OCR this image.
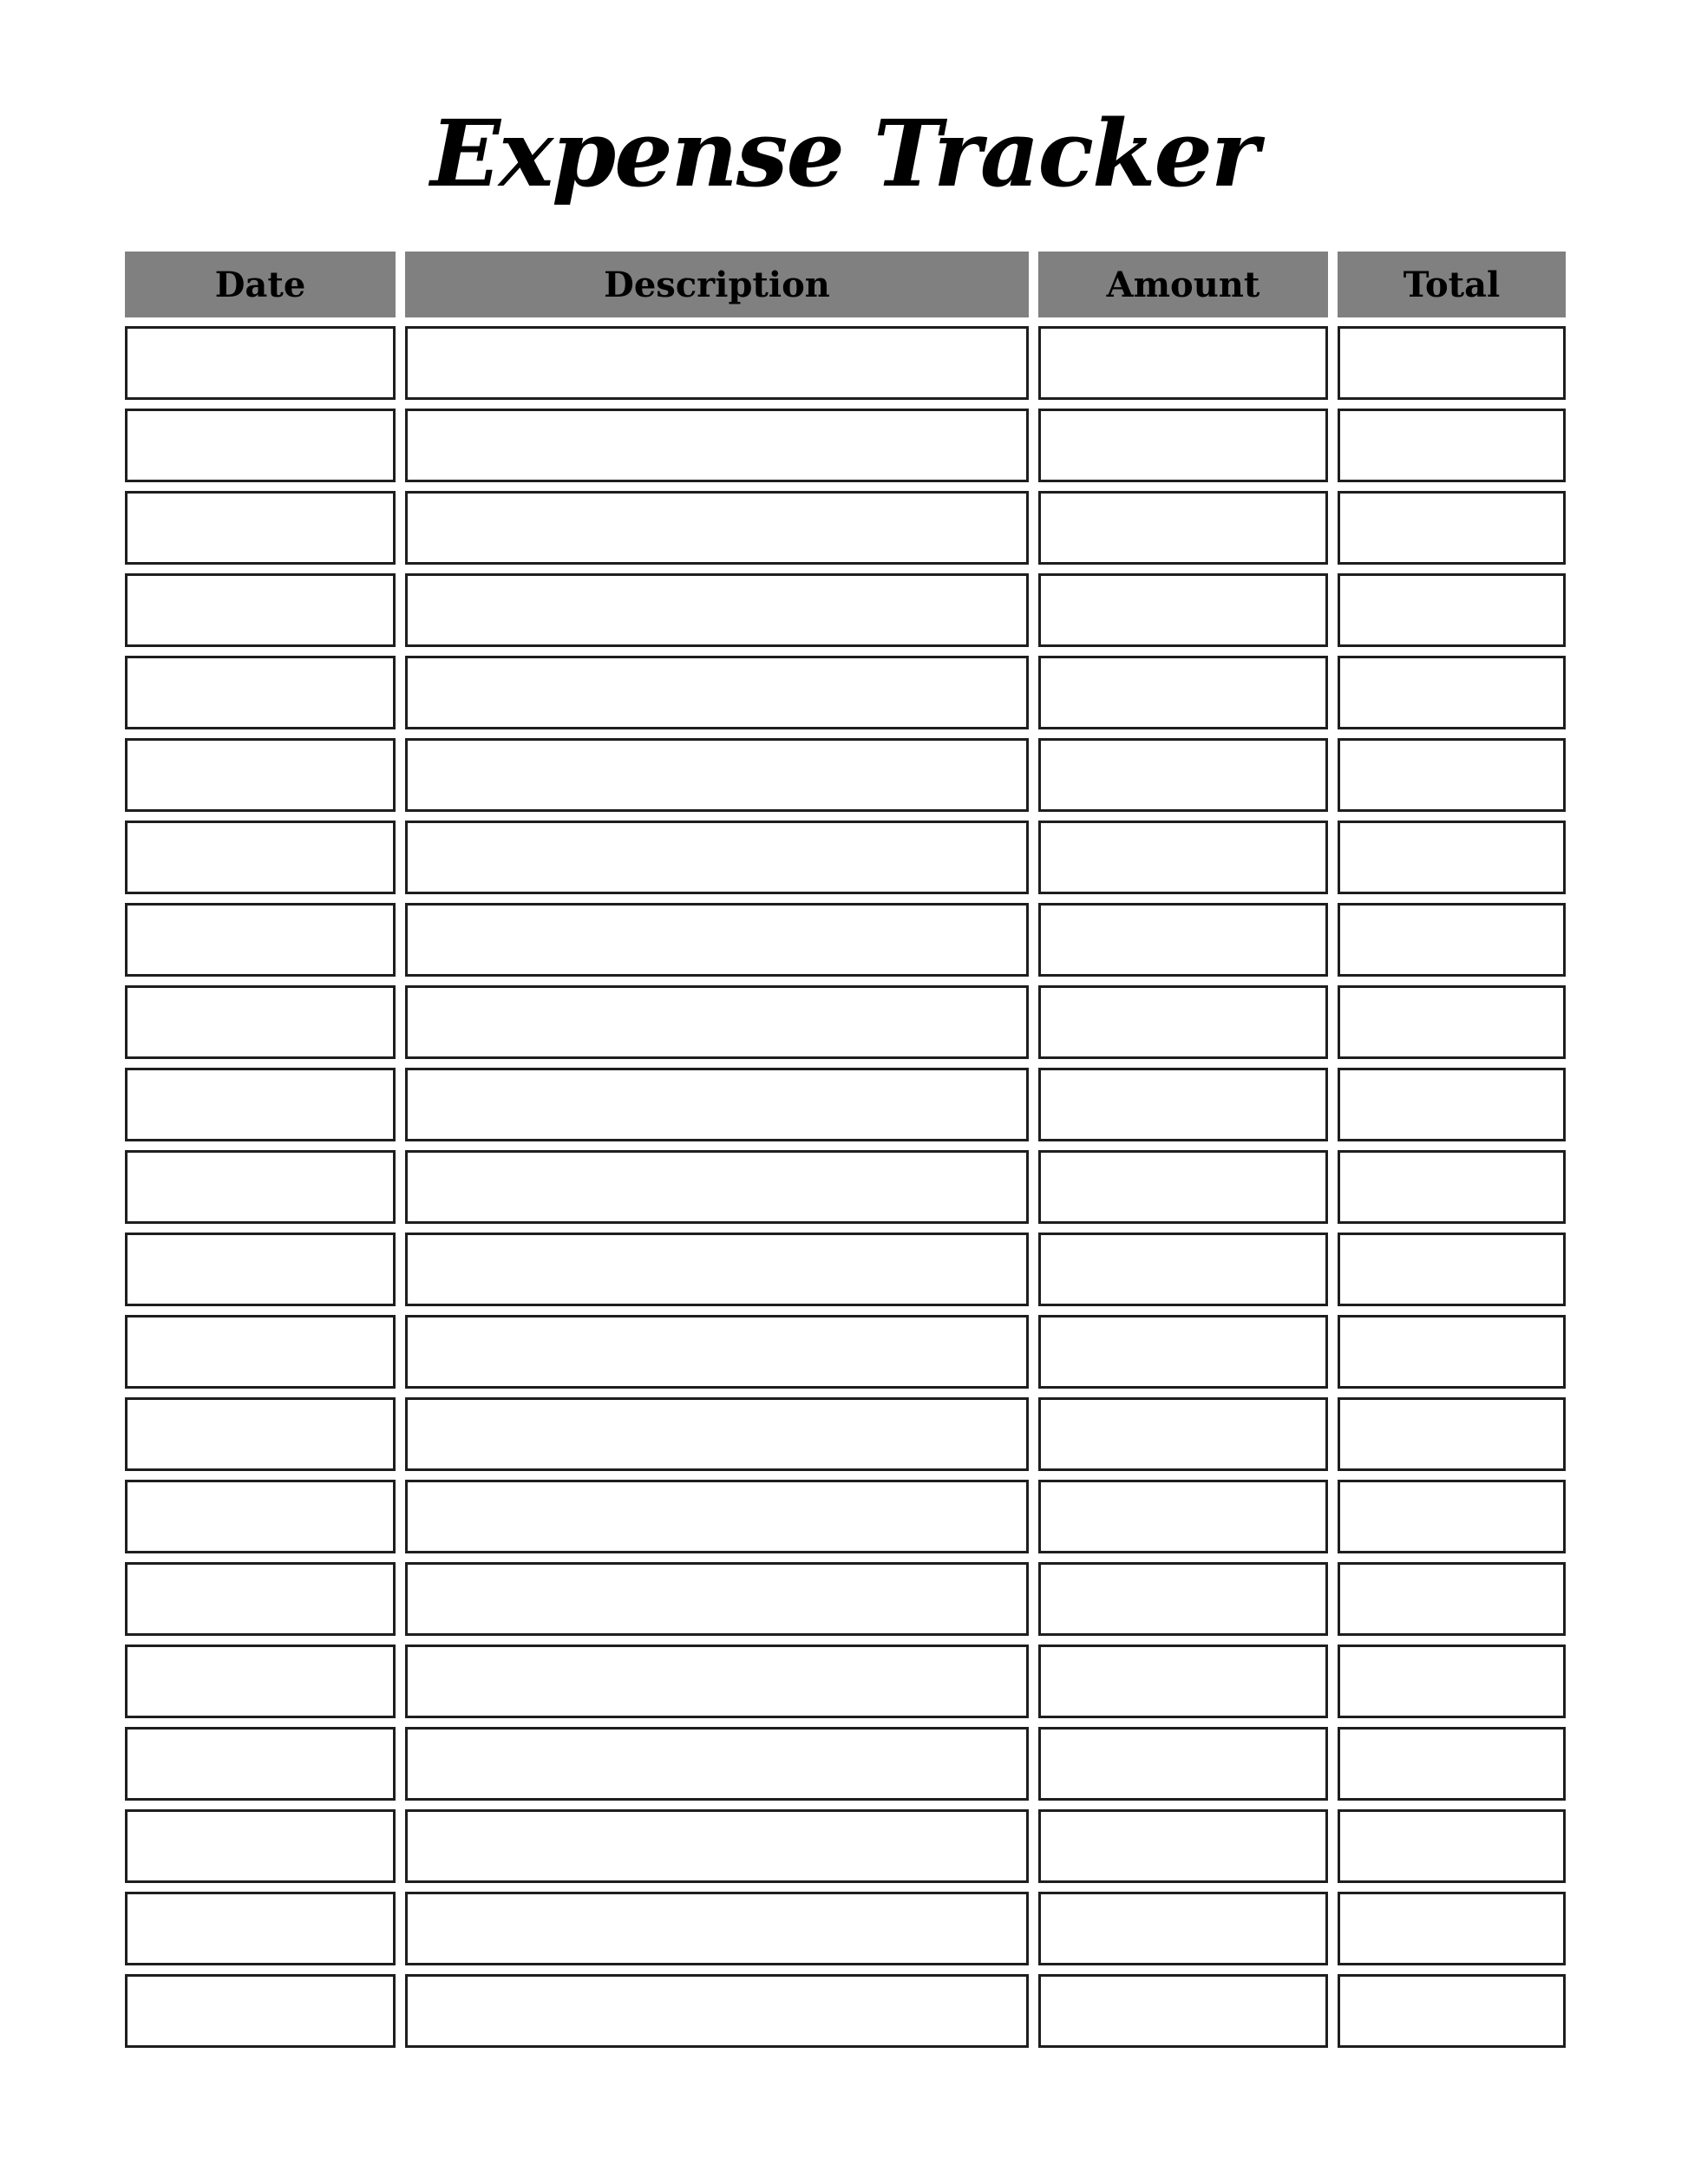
Expense Tracker
Date	Description	Amount	Total
